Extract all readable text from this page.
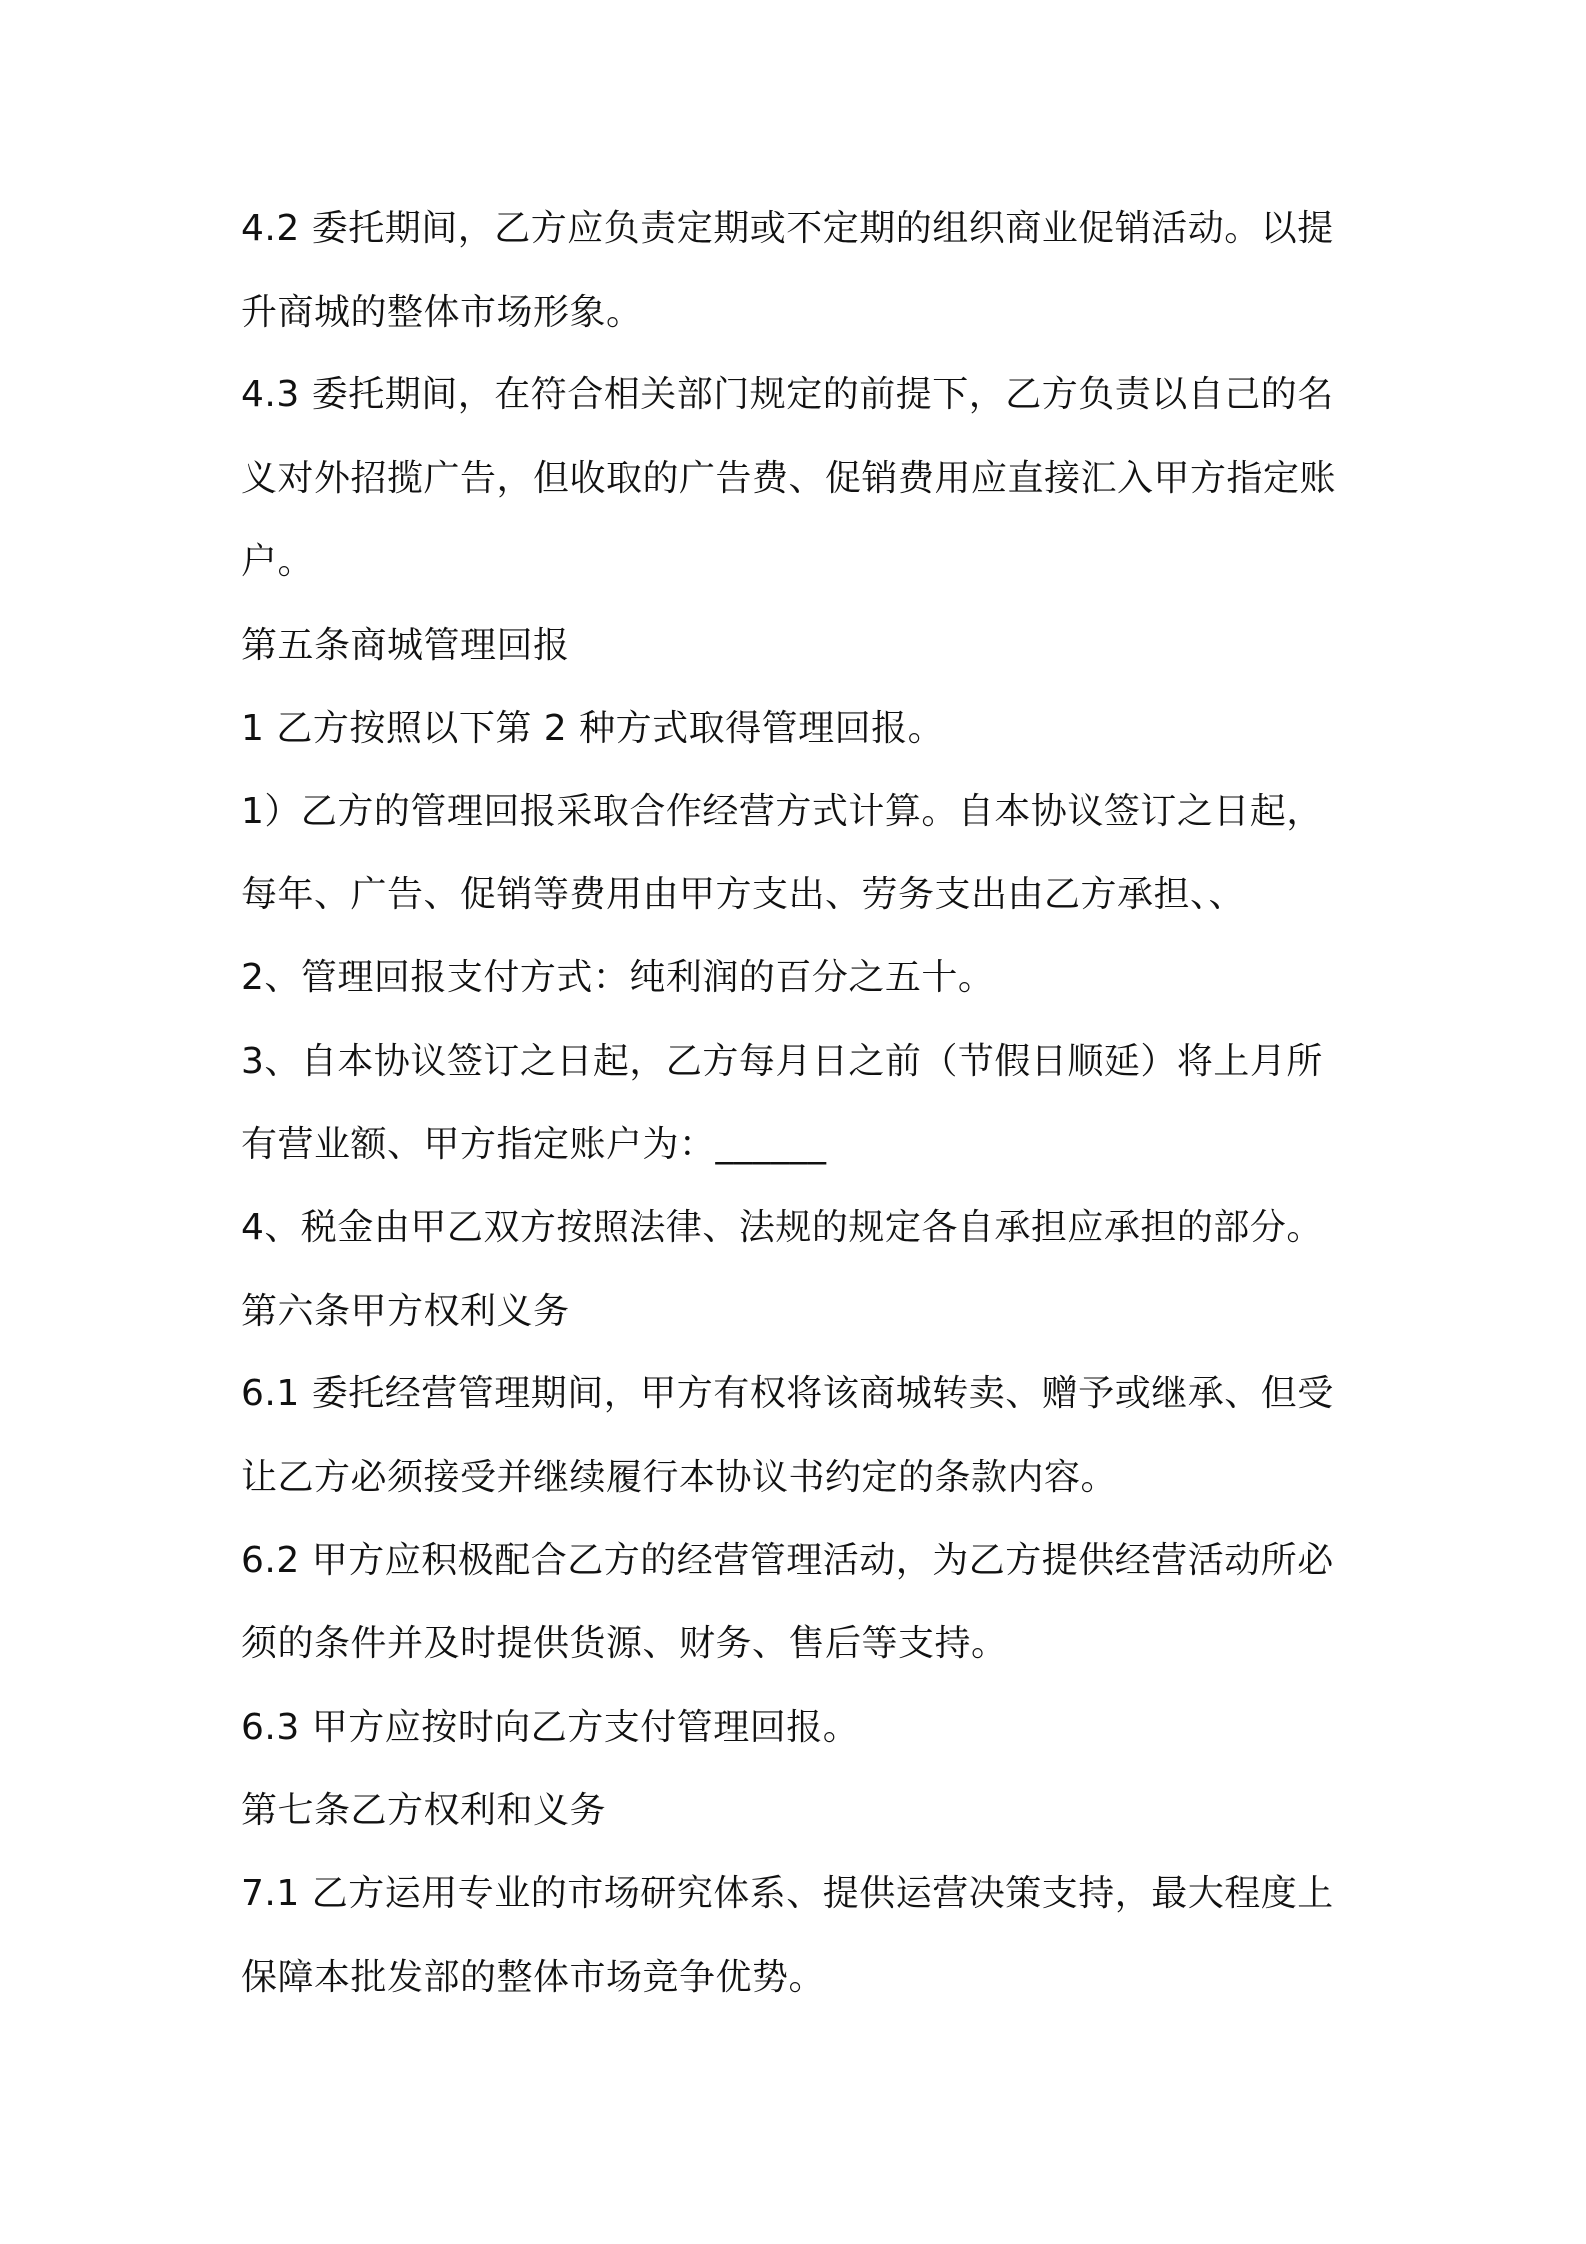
4.2 委托期间，乙方应负责定期或不定期的组织商业促销活动。以提
升商城的整体市场形象。
4.3 委托期间，在符合相关部门规定的前提下，乙方负责以自己的名
义对外招揽广告，但收取的广告费、促销费用应直接汇入甲方指定账
户。
第五条商城管理回报
1 乙方按照以下第 2 种方式取得管理回报。
1）乙方的管理回报采取合作经营方式计算。自本协议签订之日起，
每年、广告、促销等费用由甲方支出、劳务支出由乙方承担、、
2、管理回报支付方式：纯利润的百分之五十。
3、自本协议签订之日起，乙方每月日之前（节假日顺延）将上月所
有营业额、甲方指定账户为：______
4、税金由甲乙双方按照法律、法规的规定各自承担应承担的部分。
第六条甲方权利义务
6.1 委托经营管理期间，甲方有权将该商城转卖、赠予或继承、但受
让乙方必须接受并继续履行本协议书约定的条款内容。
6.2 甲方应积极配合乙方的经营管理活动，为乙方提供经营活动所必
须的条件并及时提供货源、财务、售后等支持。
6.3 甲方应按时向乙方支付管理回报。
第七条乙方权利和义务
7.1 乙方运用专业的市场研究体系、提供运营决策支持，最大程度上
保障本批发部的整体市场竞争优势。
